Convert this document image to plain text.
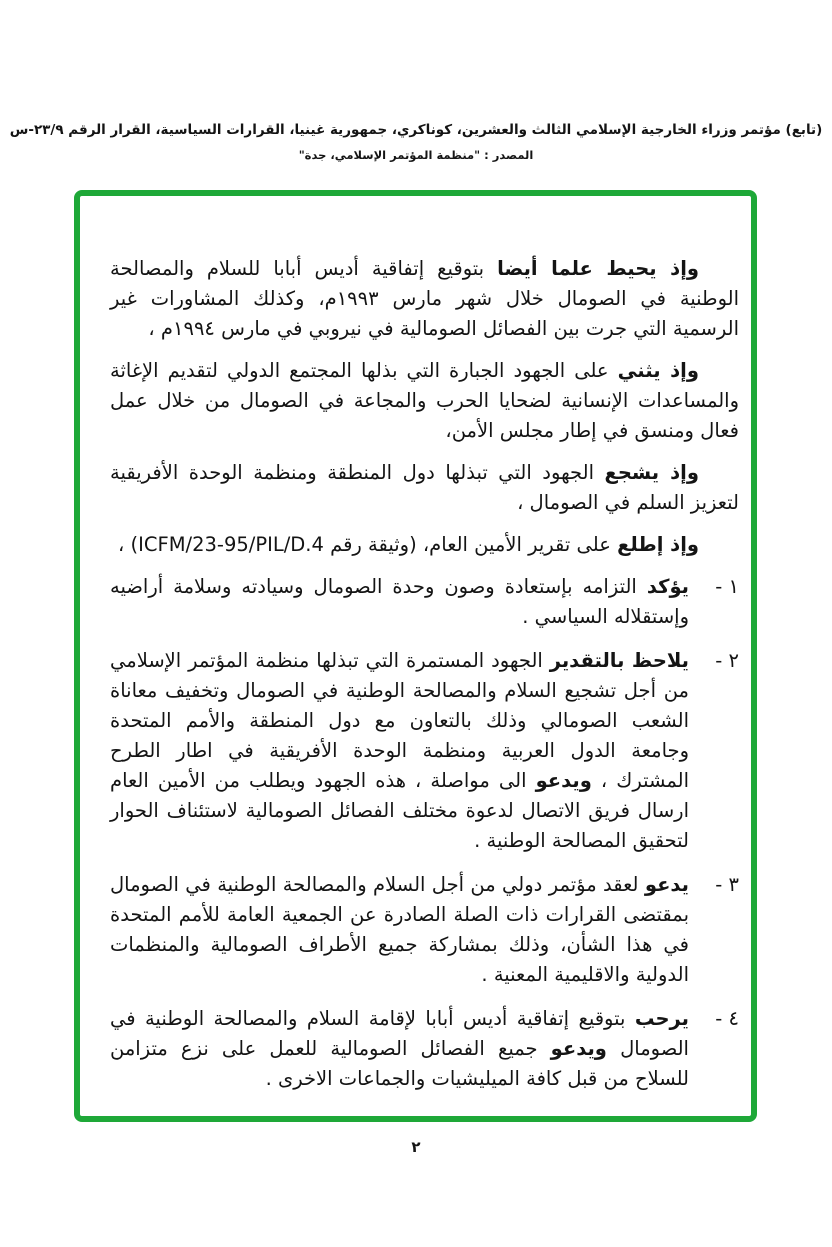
(تابع) مؤتمر وزراء الخارجية الإسلامي الثالث والعشرين، كوناكري، جمهورية غينيا، القرارات السياسية، القرار الرقم ٢٣/٩-س
المصدر : "منظمة المؤتمر الإسلامي، جدة"

وإذ يحيط علما أيضا بتوقيع إتفاقية أديس أبابا للسلام والمصالحة الوطنية في الصومال خلال شهر مارس ١٩٩٣م، وكذلك المشاورات غير الرسمية التي جرت بين الفصائل الصومالية في نيروبي في مارس ١٩٩٤م ،

وإذ يثني على الجهود الجبارة التي بذلها المجتمع الدولي لتقديم الإغاثة والمساعدات الإنسانية لضحايا الحرب والمجاعة في الصومال من خلال عمل فعال ومنسق في إطار مجلس الأمن،

وإذ يشجع الجهود التي تبذلها دول المنطقة ومنظمة الوحدة الأفريقية لتعزيز السلم في الصومال ،

وإذ إطلع على تقرير الأمين العام، (وثيقة رقم ICFM/23-95/PIL/D.4) ،

١ -
يؤكد التزامه بإستعادة وصون وحدة الصومال وسيادته وسلامة أراضيه وإستقلاله السياسي .
٢ -
يلاحظ بالتقدير الجهود المستمرة التي تبذلها منظمة المؤتمر الإسلامي من أجل تشجيع السلام والمصالحة الوطنية في الصومال وتخفيف معاناة الشعب الصومالي وذلك بالتعاون مع دول المنطقة والأمم المتحدة وجامعة الدول العربية ومنظمة الوحدة الأفريقية في اطار الطرح المشترك ، ويدعو الى مواصلة ، هذه الجهود ويطلب من الأمين العام ارسال فريق الاتصال لدعوة مختلف الفصائل الصومالية لاستئناف الحوار لتحقيق المصالحة الوطنية .
٣ -
يدعو لعقد مؤتمر دولي من أجل السلام والمصالحة الوطنية في الصومال بمقتضى القرارات ذات الصلة الصادرة عن الجمعية العامة للأمم المتحدة في هذا الشأن، وذلك بمشاركة جميع الأطراف الصومالية والمنظمات الدولية والاقليمية المعنية .
٤ -
يرحب بتوقيع إتفاقية أديس أبابا لإقامة السلام والمصالحة الوطنية في الصومال ويدعو جميع الفصائل الصومالية للعمل على نزع متزامن للسلاح من قبل كافة الميليشيات والجماعات الاخرى .
٢
